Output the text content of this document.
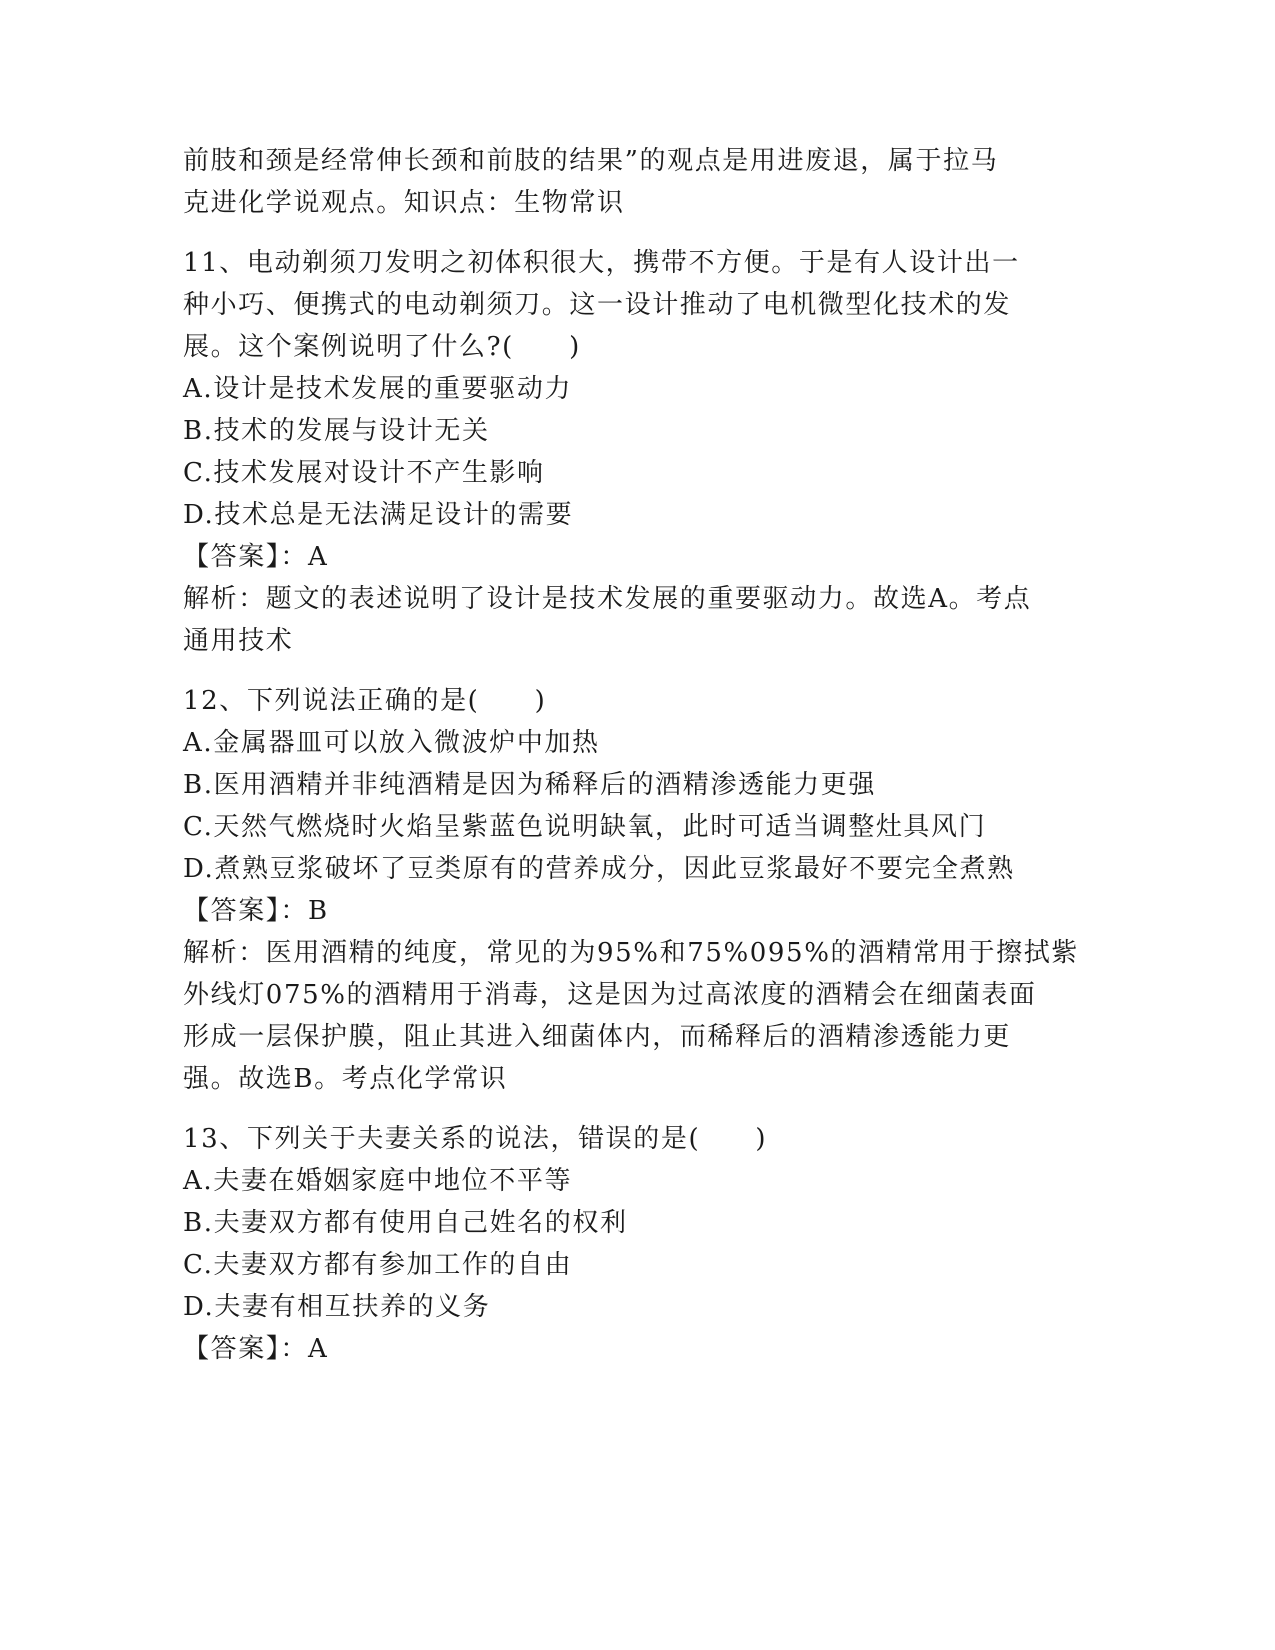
前肢和颈是经常伸长颈和前肢的结果”的观点是用进废退，属于拉马
克进化学说观点。知识点：生物常识
11、电动剃须刀发明之初体积很大，携带不方便。于是有人设计出一
种小巧、便携式的电动剃须刀。这一设计推动了电机微型化技术的发
展。这个案例说明了什么?(　　)
A.设计是技术发展的重要驱动力
B.技术的发展与设计无关
C.技术发展对设计不产生影响
D.技术总是无法满足设计的需要
【答案】：A
解析：题文的表述说明了设计是技术发展的重要驱动力。故选A。考点
通用技术
12、下列说法正确的是(　　)
A.金属器皿可以放入微波炉中加热
B.医用酒精并非纯酒精是因为稀释后的酒精渗透能力更强
C.天然气燃烧时火焰呈紫蓝色说明缺氧，此时可适当调整灶具风门
D.煮熟豆浆破坏了豆类原有的营养成分，因此豆浆最好不要完全煮熟
【答案】：B
解析：医用酒精的纯度，常见的为95%和75%095%的酒精常用于擦拭紫
外线灯075%的酒精用于消毒，这是因为过高浓度的酒精会在细菌表面
形成一层保护膜，阻止其进入细菌体内，而稀释后的酒精渗透能力更
强。故选B。考点化学常识
13、下列关于夫妻关系的说法，错误的是(　　)
A.夫妻在婚姻家庭中地位不平等
B.夫妻双方都有使用自己姓名的权利
C.夫妻双方都有参加工作的自由
D.夫妻有相互扶养的义务
【答案】：A
